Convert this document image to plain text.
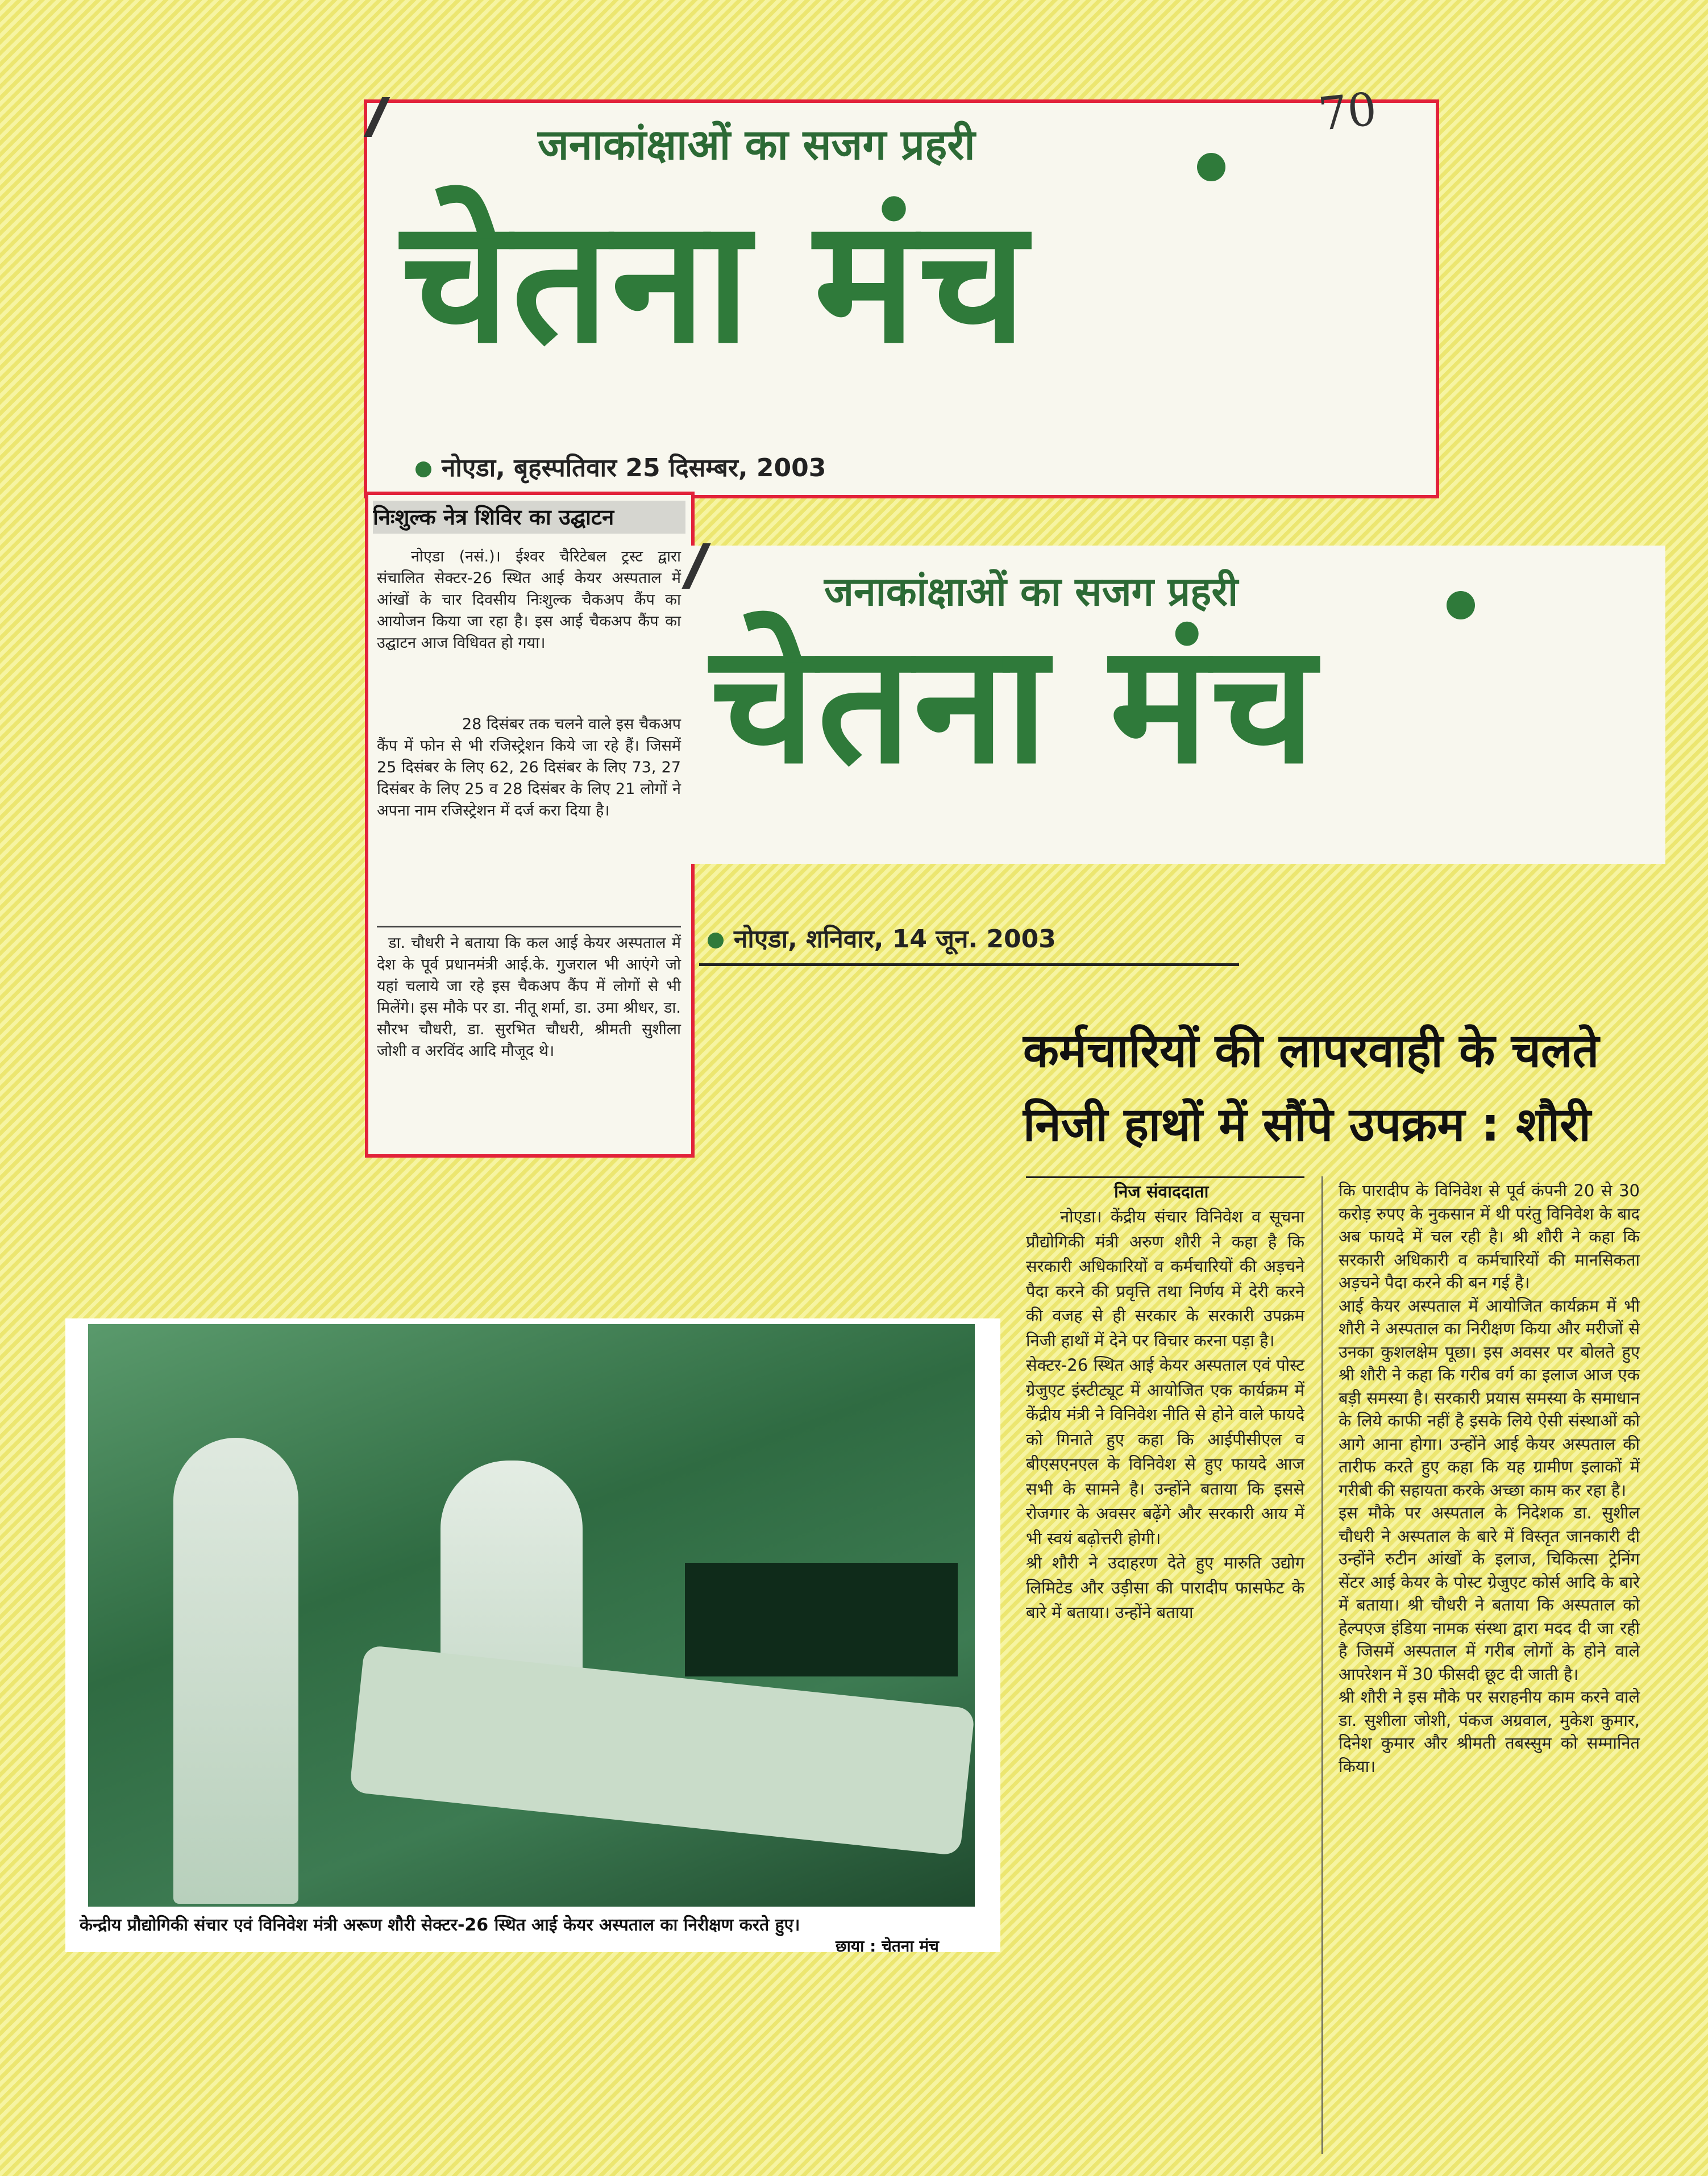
जनाकांक्षाओं का सजग प्रहरी
चेतना मंच
नोएडा, बृहस्पतिवार 25 दिसम्बर, 2003
70
निःशुल्क नेत्र शिविर का उद्घाटन
नोएडा (नसं.)। ईश्वर चैरिटेबल ट्रस्ट द्वारा संचालित सेक्टर-26 स्थित आई केयर अस्पताल में आंखों के चार दिवसीय निःशुल्क चैकअप कैंप का आयोजन किया जा रहा है। इस आई चैकअप कैंप का उद्घाटन आज विधिवत हो गया।
28 दिसंबर तक चलने वाले इस चैकअप कैंप में फोन से भी रजिस्ट्रेशन किये जा रहे हैं। जिसमें 25 दिसंबर के लिए 62, 26 दिसंबर के लिए 73, 27 दिसंबर के लिए 25 व 28 दिसंबर के लिए 21 लोगों ने अपना नाम रजिस्ट्रेशन में दर्ज करा दिया है।
डा. चौधरी ने बताया कि कल आई केयर अस्पताल में देश के पूर्व प्रधानमंत्री आई.के. गुजराल भी आएंगे जो यहां चलाये जा रहे इस चैकअप कैंप में लोगों से भी मिलेंगे। इस मौके पर डा. नीतू शर्मा, डा. उमा श्रीधर, डा. सौरभ चौधरी, डा. सुरभित चौधरी, श्रीमती सुशीला जोशी व अरविंद आदि मौजूद थे।
जनाकांक्षाओं का सजग प्रहरी
चेतना मंच
नोएडा, शनिवार, 14 जून. 2003
कर्मचारियों की लापरवाही के चलते
निजी हाथों में सौंपे उपक्रम : शौरी
निज संवाददाता
नोएडा। केंद्रीय संचार विनिवेश व सूचना प्रौद्योगिकी मंत्री अरुण शौरी ने कहा है कि सरकारी अधिकारियों व कर्मचारियों की अड़चने पैदा करने की प्रवृत्ति तथा निर्णय में देरी करने की वजह से ही सरकार के सरकारी उपक्रम निजी हाथों में देने पर विचार करना पड़ा है।
सेक्टर-26 स्थित आई केयर अस्पताल एवं पोस्ट ग्रेजुएट इंस्टीट्यूट में आयोजित एक कार्यक्रम में केंद्रीय मंत्री ने विनिवेश नीति से होने वाले फायदे को गिनाते हुए कहा कि आईपीसीएल व बीएसएनएल के विनिवेश से हुए फायदे आज सभी के सामने है। उन्होंने बताया कि इससे रोजगार के अवसर बढ़ेंगे और सरकारी आय में भी स्वयं बढ़ोत्तरी होगी।
श्री शौरी ने उदाहरण देते हुए मारुति उद्योग लिमिटेड और उड़ीसा की पारादीप फासफेट के बारे में बताया। उन्होंने बताया
कि पारादीप के विनिवेश से पूर्व कंपनी 20 से 30 करोड़ रुपए के नुकसान में थी परंतु विनिवेश के बाद अब फायदे में चल रही है। श्री शौरी ने कहा कि सरकारी अधिकारी व कर्मचारियों की मानसिकता अड़चने पैदा करने की बन गई है।
आई केयर अस्पताल में आयोजित कार्यक्रम में भी शौरी ने अस्पताल का निरीक्षण किया और मरीजों से उनका कुशलक्षेम पूछा। इस अवसर पर बोलते हुए श्री शौरी ने कहा कि गरीब वर्ग का इलाज आज एक बड़ी समस्या है। सरकारी प्रयास समस्या के समाधान के लिये काफी नहीं है इसके लिये ऐसी संस्थाओं को आगे आना होगा। उन्होंने आई केयर अस्पताल की तारीफ करते हुए कहा कि यह ग्रामीण इलाकों में गरीबी की सहायता करके अच्छा काम कर रहा है।
इस मौके पर अस्पताल के निदेशक डा. सुशील चौधरी ने अस्पताल के बारे में विस्तृत जानकारी दी उन्होंने रुटीन आंखों के इलाज, चिकित्सा ट्रेनिंग सेंटर आई केयर के पोस्ट ग्रेजुएट कोर्स आदि के बारे में बताया। श्री चौधरी ने बताया कि अस्पताल को हेल्पएज इंडिया नामक संस्था द्वारा मदद दी जा रही है जिसमें अस्पताल में गरीब लोगों के होने वाले आपरेशन में 30 फीसदी छूट दी जाती है।
श्री शौरी ने इस मौके पर सराहनीय काम करने वाले डा. सुशीला जोशी, पंकज अग्रवाल, मुकेश कुमार, दिनेश कुमार और श्रीमती तबस्सुम को सम्मानित किया।
केन्द्रीय प्रौद्योगिकी संचार एवं विनिवेश मंत्री अरूण शौरी सेक्टर-26 स्थित आई केयर अस्पताल का निरीक्षण करते हुए।
छाया : चेतना मंच
